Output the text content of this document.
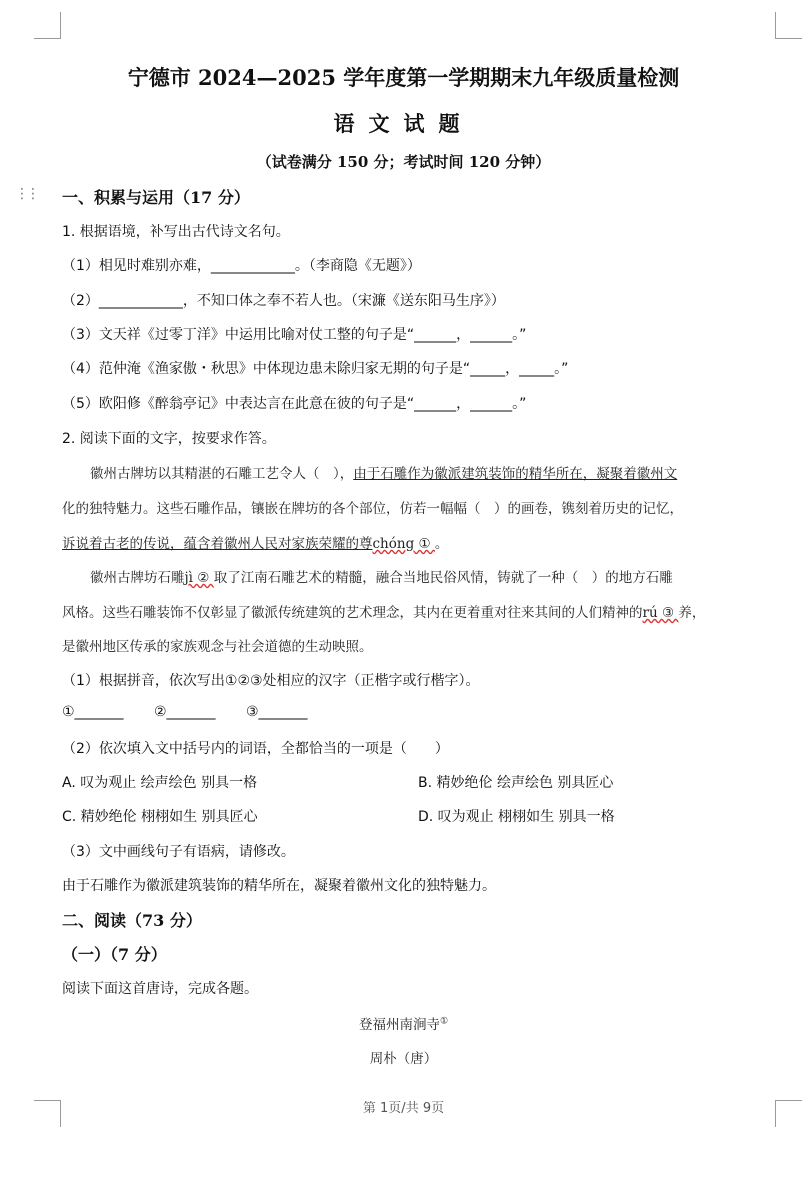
⋮⋮
宁德市 2024—2025 学年度第一学期期末九年级质量检测
语文试题
（试卷满分 150 分；考试时间 120 分钟）
一、积累与运用（17 分）
1. 根据语境，补写出古代诗文名句。
（1）相见时难别亦难，____________。（李商隐《无题》）
（2）____________，不知口体之奉不若人也。（宋濂《送东阳马生序》）
（3）文天祥《过零丁洋》中运用比喻对仗工整的句子是“______，______。”
（4）范仲淹《渔家傲・秋思》中体现边患未除归家无期的句子是“_____，_____。”
（5）欧阳修《醉翁亭记》中表达言在此意在彼的句子是“______，______。”
2. 阅读下面的文字，按要求作答。
徽州古牌坊以其精湛的石雕工艺令人（　），由于石雕作为徽派建筑装饰的精华所在，凝聚着徽州文
化的独特魅力。这些石雕作品，镶嵌在牌坊的各个部位，仿若一幅幅（　）的画卷，镌刻着历史的记忆，
诉说着古老的传说，蕴含着徽州人民对家族荣耀的尊chóng ① 。
徽州古牌坊石雕jì ② 取了江南石雕艺术的精髓，融合当地民俗风情，铸就了一种（　）的地方石雕
风格。这些石雕装饰不仅彰显了徽派传统建筑的艺术理念，其内在更着重对往来其间的人们精神的rú ③ 养，
是徽州地区传承的家族观念与社会道德的生动映照。
（1）根据拼音，依次写出①②③处相应的汉字（正楷字或行楷字）。
①_______ ②_______ ③_______
（2）依次填入文中括号内的词语，全都恰当的一项是（　　）
A. 叹为观止 绘声绘色 别具一格	B. 精妙绝伦 绘声绘色 别具匠心
C. 精妙绝伦 栩栩如生 别具匠心	D. 叹为观止 栩栩如生 别具一格
（3）文中画线句子有语病，请修改。
由于石雕作为徽派建筑装饰的精华所在，凝聚着徽州文化的独特魅力。
二、阅读（73 分）
（一）（7 分）
阅读下面这首唐诗，完成各题。
登福州南涧寺①
周朴（唐）
第 1页/共 9页
